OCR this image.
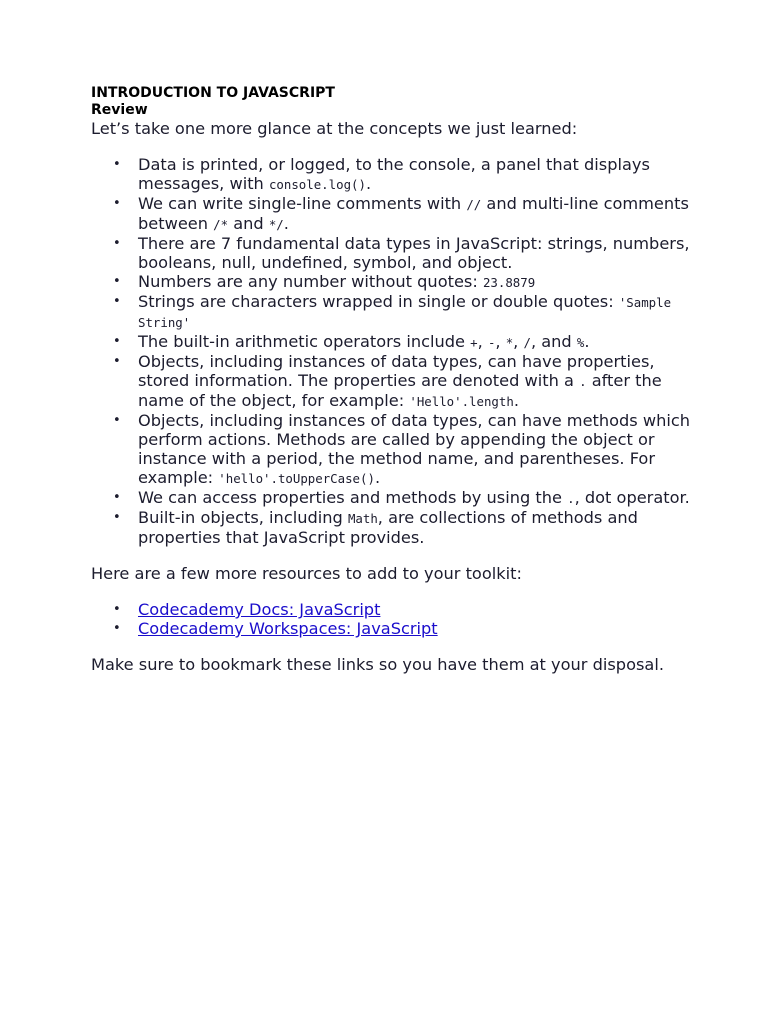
INTRODUCTION TO JAVASCRIPT

Review

Let’s take one more glance at the concepts we just learned:

• Data is printed, or logged, to the console, a panel that displays messages, with console.log().
• We can write single-line comments with // and multi-line comments between /* and */.
• There are 7 fundamental data types in JavaScript: strings, numbers, booleans, null, undefined, symbol, and object.
• Numbers are any number without quotes: 23.8879
• Strings are characters wrapped in single or double quotes: 'Sample String'
• The built-in arithmetic operators include +, -, *, /, and %.
• Objects, including instances of data types, can have properties, stored information. The properties are denoted with a . after the name of the object, for example: 'Hello'.length.
• Objects, including instances of data types, can have methods which perform actions. Methods are called by appending the object or instance with a period, the method name, and parentheses. For example: 'hello'.toUpperCase().
• We can access properties and methods by using the ., dot operator.
• Built-in objects, including Math, are collections of methods and properties that JavaScript provides.

Here are a few more resources to add to your toolkit:

• Codecademy Docs: JavaScript
• Codecademy Workspaces: JavaScript

Make sure to bookmark these links so you have them at your disposal.
